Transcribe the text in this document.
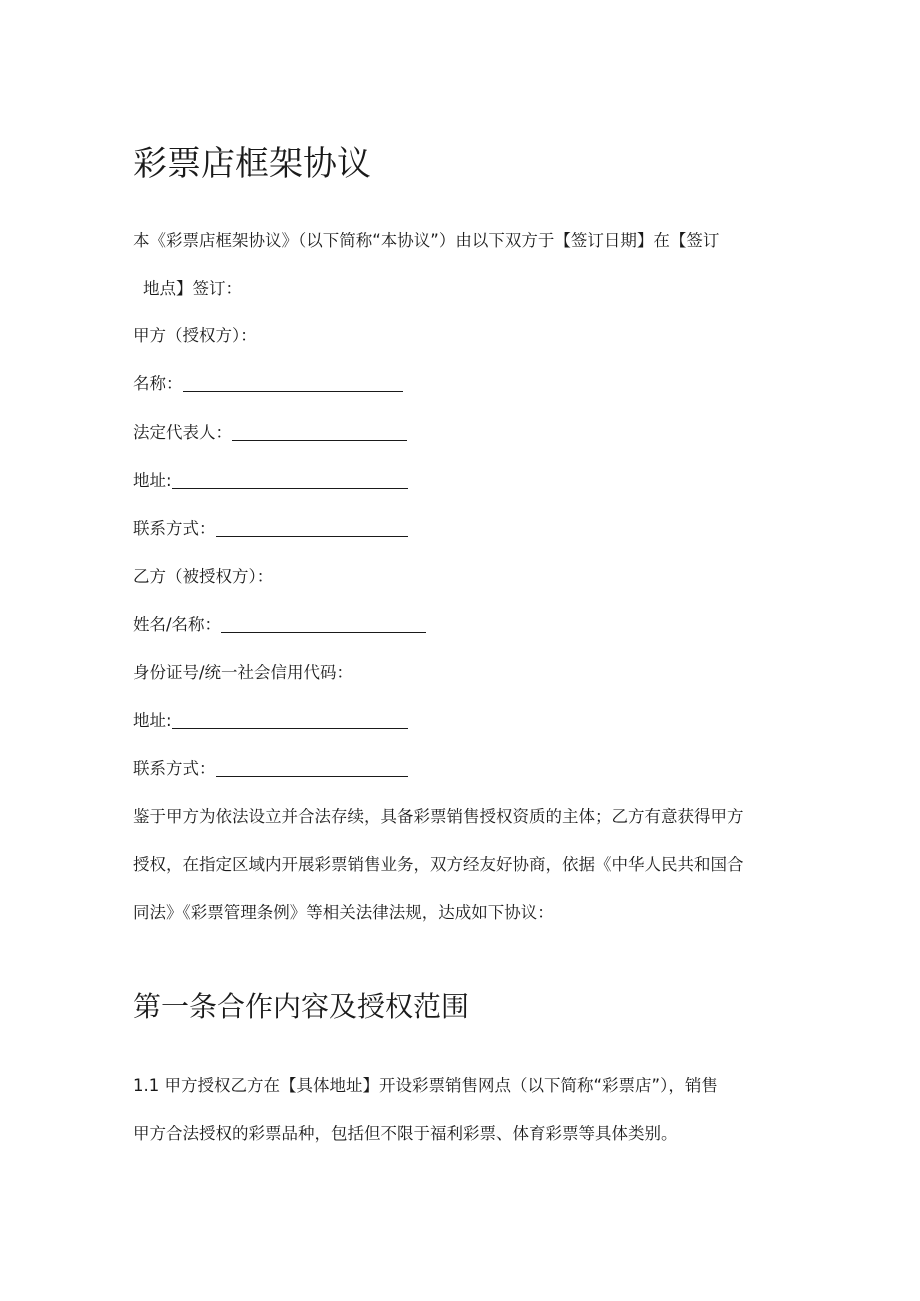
彩票店框架协议
本《彩票店框架协议》（以下简称“本协议”）由以下双方于【签订日期】在【签订
地点】签订：
甲方（授权方）：
名称：
法定代表人：
地址:
联系方式：
乙方（被授权方）：
姓名/名称：
身份证号/统一社会信用代码：
地址:
联系方式：
鉴于甲方为依法设立并合法存续，具备彩票销售授权资质的主体；乙方有意获得甲方
授权，在指定区域内开展彩票销售业务，双方经友好协商，依据《中华人民共和国合
同法》《彩票管理条例》等相关法律法规，达成如下协议：
第一条合作内容及授权范围
1.1 甲方授权乙方在【具体地址】开设彩票销售网点（以下简称“彩票店”），销售
甲方合法授权的彩票品种，包括但不限于福利彩票、体育彩票等具体类别。
